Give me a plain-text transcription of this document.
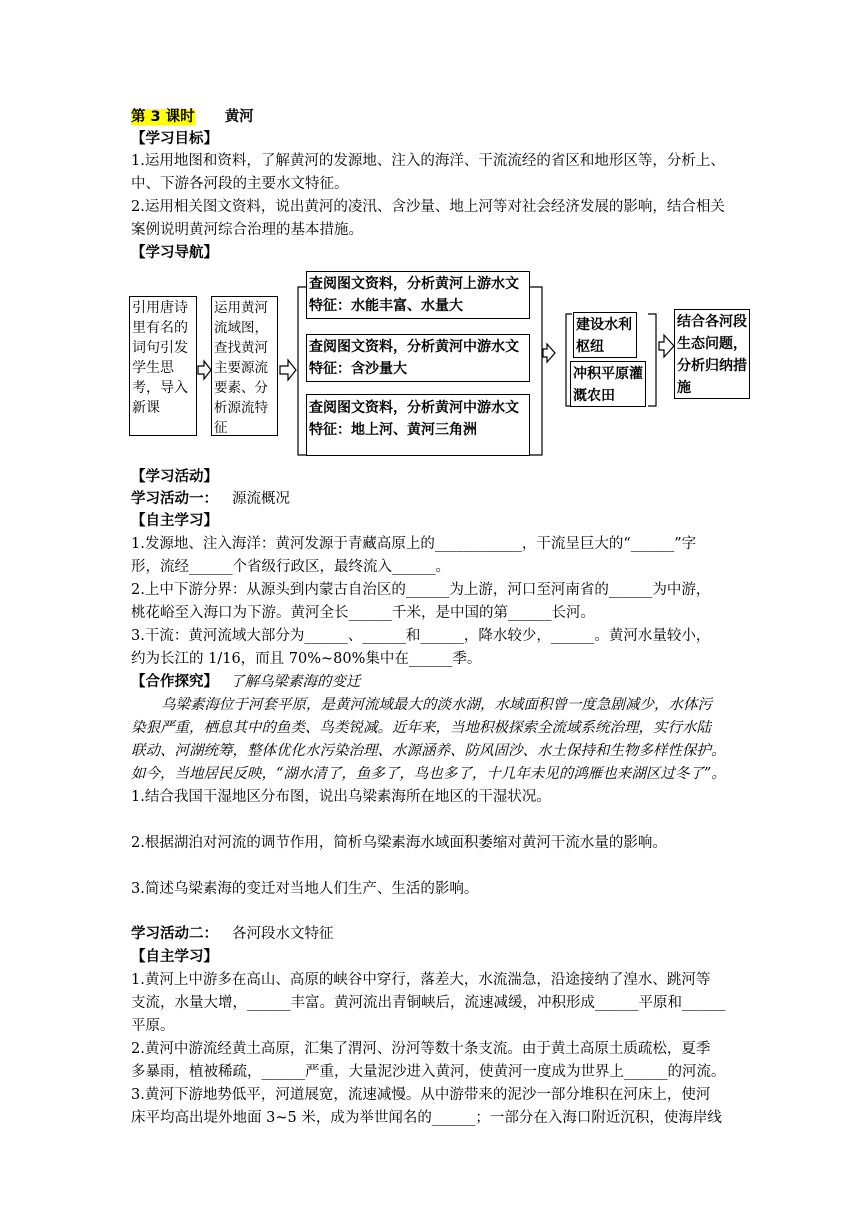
第 3 课时 黄河
【学习目标】
1.运用地图和资料，了解黄河的发源地、注入的海洋、干流流经的省区和地形区等，分析上、
中、下游各河段的主要水文特征。
2.运用相关图文资料，说出黄河的凌汛、含沙量、地上河等对社会经济发展的影响，结合相关
案例说明黄河综合治理的基本措施。
【学习导航】
引用唐诗里有名的词句引发学生思考，导入新课
运用黄河流域图，查找黄河主要源流要素、分析源流特征
查阅图文资料，分析黄河上游水文特征：水能丰富、水量大
查阅图文资料，分析黄河中游水文特征：含沙量大
查阅图文资料，分析黄河中游水文特征：地上河、黄河三角洲
建设水利枢纽
冲积平原灌溉农田
结合各河段生态问题，分析归纳措施
【学习活动】
学习活动一： 源流概况
【自主学习】
1.发源地、注入海洋：黄河发源于青藏高原上的____________，干流呈巨大的“______”字
形，流经______个省级行政区，最终流入______。
2.上中下游分界：从源头到内蒙古自治区的______为上游，河口至河南省的______为中游，
桃花峪至入海口为下游。黄河全长______千米，是中国的第______长河。
3.干流：黄河流域大部分为______、______和______，降水较少，______。黄河水量较小，
约为长江的 1/16，而且 70%~80%集中在______季。
【合作探究】 了解乌梁素海的变迁
乌梁素海位于河套平原，是黄河流域最大的淡水湖，水域面积曾一度急剧减少，水体污
染狠严重，栖息其中的鱼类、鸟类锐减。近年来，当地积极探索全流域系统治理，实行水陆
联动、河湖统筹，整体优化水污染治理、水源涵养、防风固沙、水土保持和生物多样性保护。
如今，当地居民反映，“湖水清了，鱼多了，鸟也多了，十几年未见的鸿雁也来湖区过冬了”。
1.结合我国干湿地区分布图，说出乌梁素海所在地区的干湿状况。
2.根据湖泊对河流的调节作用，简析乌梁素海水域面积萎缩对黄河干流水量的影响。
3.简述乌梁素海的变迁对当地人们生产、生活的影响。
学习活动二： 各河段水文特征
【自主学习】
1.黄河上中游多在高山、高原的峡谷中穿行，落差大，水流湍急，沿途接纳了湟水、跳河等
支流，水量大增，______丰富。黄河流出青铜峡后，流速减缓，冲积形成______平原和______
平原。
2.黄河中游流经黄土高原，汇集了渭河、汾河等数十条支流。由于黄土高原土质疏松，夏季
多暴雨，植被稀疏，______严重，大量泥沙进入黄河，使黄河一度成为世界上______的河流。
3.黄河下游地势低平，河道展宽，流速减慢。从中游带来的泥沙一部分堆积在河床上，使河
床平均高出堤外地面 3~5 米，成为举世闻名的______；一部分在入海口附近沉积，使海岸线
